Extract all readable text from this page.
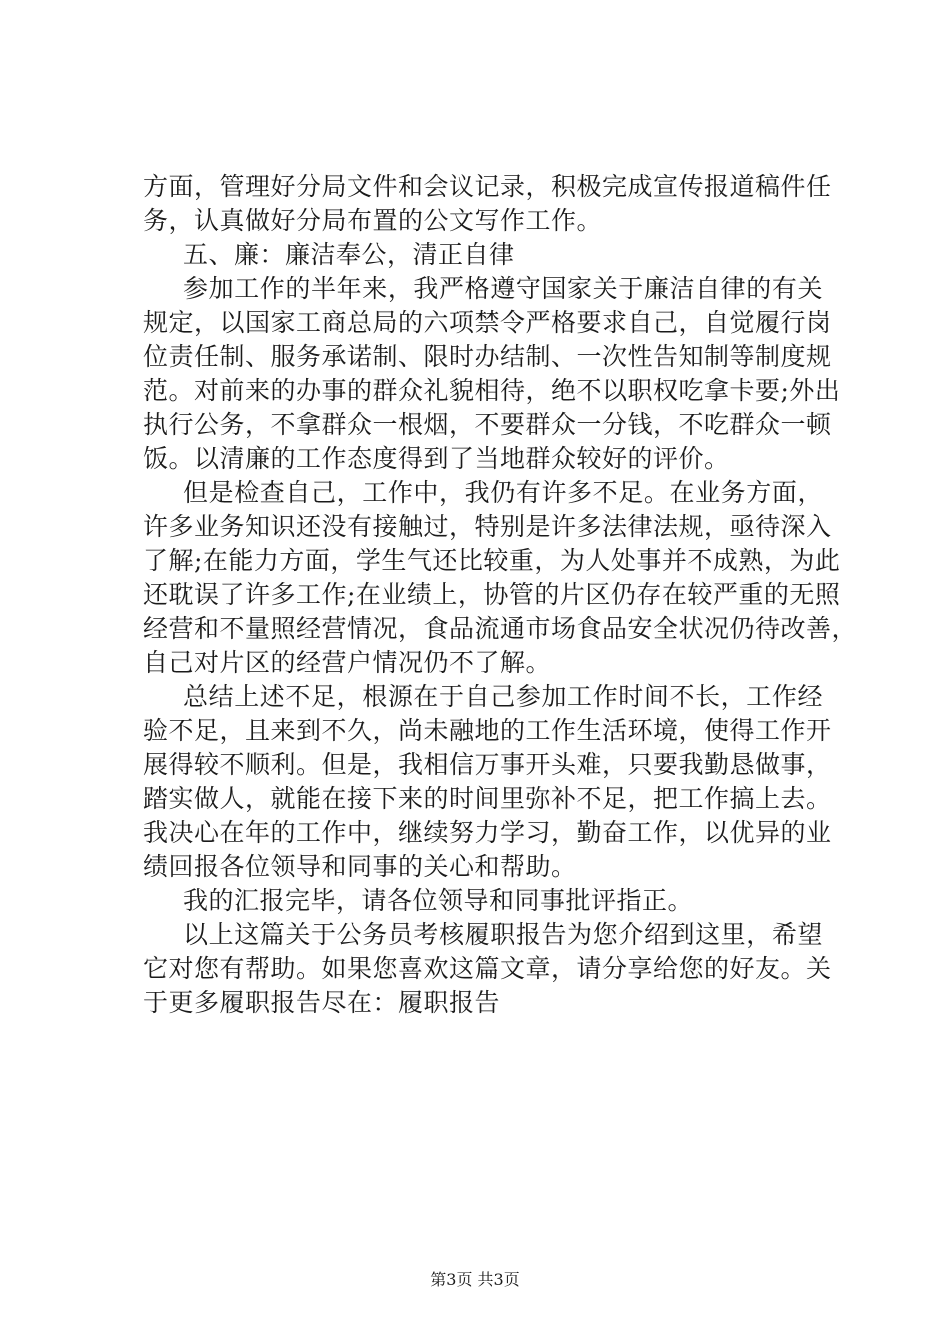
方面，管理好分局文件和会议记录，积极完成宣传报道稿件任
务，认真做好分局布置的公文写作工作。
五、廉：廉洁奉公，清正自律
参加工作的半年来，我严格遵守国家关于廉洁自律的有关
规定，以国家工商总局的六项禁令严格要求自己，自觉履行岗
位责任制、服务承诺制、限时办结制、一次性告知制等制度规
范。对前来的办事的群众礼貌相待，绝不以职权吃拿卡要;外出
执行公务，不拿群众一根烟，不要群众一分钱，不吃群众一顿
饭。以清廉的工作态度得到了当地群众较好的评价。
但是检查自己，工作中，我仍有许多不足。在业务方面，
许多业务知识还没有接触过，特别是许多法律法规，亟待深入
了解;在能力方面，学生气还比较重，为人处事并不成熟，为此
还耽误了许多工作;在业绩上，协管的片区仍存在较严重的无照
经营和不量照经营情况，食品流通市场食品安全状况仍待改善，
自己对片区的经营户情况仍不了解。
总结上述不足，根源在于自己参加工作时间不长，工作经
验不足，且来到不久，尚未融地的工作生活环境，使得工作开
展得较不顺利。但是，我相信万事开头难，只要我勤恳做事，
踏实做人，就能在接下来的时间里弥补不足，把工作搞上去。
我决心在年的工作中，继续努力学习，勤奋工作，以优异的业
绩回报各位领导和同事的关心和帮助。
我的汇报完毕，请各位领导和同事批评指正。
以上这篇关于公务员考核履职报告为您介绍到这里，希望
它对您有帮助。如果您喜欢这篇文章，请分享给您的好友。关
于更多履职报告尽在：履职报告
第3页 共3页
